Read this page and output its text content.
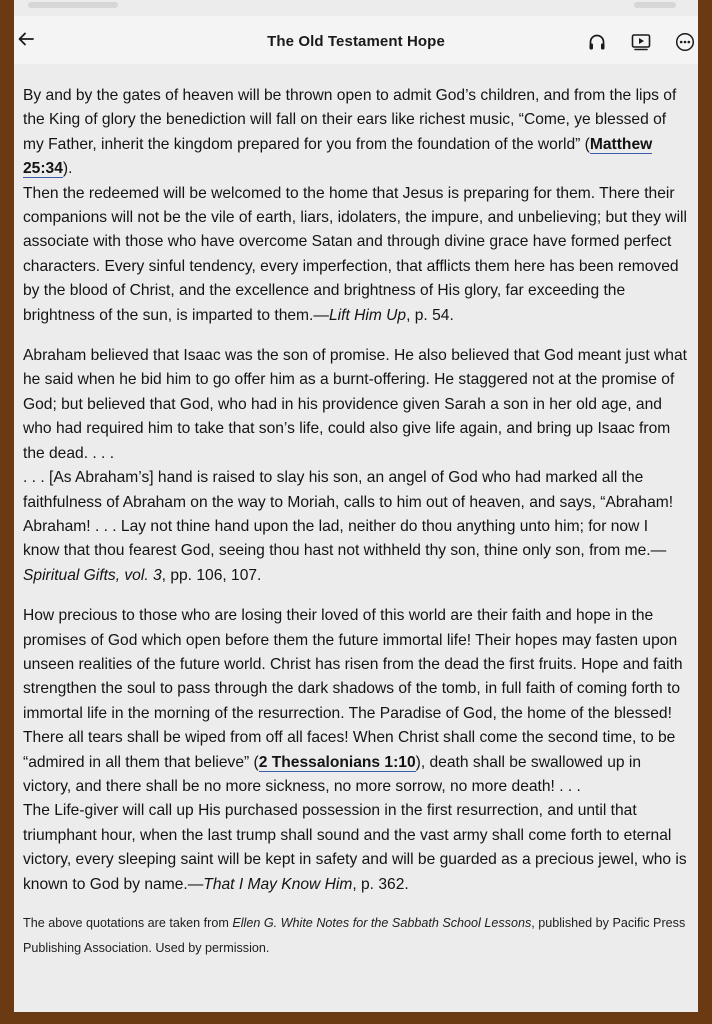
The Old Testament Hope

By and by the gates of heaven will be thrown open to admit God’s children, and from the lips of the King of glory the benediction will fall on their ears like richest music, “Come, ye blessed of my Father, inherit the kingdom prepared for you from the foundation of the world” (Matthew 25:34).

Then the redeemed will be welcomed to the home that Jesus is preparing for them. There their companions will not be the vile of earth, liars, idolaters, the impure, and unbelieving; but they will associate with those who have overcome Satan and through divine grace have formed perfect characters. Every sinful tendency, every imperfection, that afflicts them here has been removed by the blood of Christ, and the excellence and brightness of His glory, far exceeding the brightness of the sun, is imparted to them.—Lift Him Up, p. 54.

Abraham believed that Isaac was the son of promise. He also believed that God meant just what he said when he bid him to go offer him as a burnt-offering. He staggered not at the promise of God; but believed that God, who had in his providence given Sarah a son in her old age, and who had required him to take that son’s life, could also give life again, and bring up Isaac from the dead. . . .

. . . [As Abraham’s] hand is raised to slay his son, an angel of God who had marked all the faithfulness of Abraham on the way to Moriah, calls to him out of heaven, and says, “Abraham! Abraham! . . . Lay not thine hand upon the lad, neither do thou anything unto him; for now I know that thou fearest God, seeing thou hast not withheld thy son, thine only son, from me.—Spiritual Gifts, vol. 3, pp. 106, 107.

How precious to those who are losing their loved of this world are their faith and hope in the promises of God which open before them the future immortal life! Their hopes may fasten upon unseen realities of the future world. Christ has risen from the dead the first fruits. Hope and faith strengthen the soul to pass through the dark shadows of the tomb, in full faith of coming forth to immortal life in the morning of the resurrection. The Paradise of God, the home of the blessed! There all tears shall be wiped from off all faces! When Christ shall come the second time, to be “admired in all them that believe” (2 Thessalonians 1:10), death shall be swallowed up in victory, and there shall be no more sickness, no more sorrow, no more death! . . .

The Life-giver will call up His purchased possession in the first resurrection, and until that triumphant hour, when the last trump shall sound and the vast army shall come forth to eternal victory, every sleeping saint will be kept in safety and will be guarded as a precious jewel, who is known to God by name.—That I May Know Him, p. 362.

The above quotations are taken from Ellen G. White Notes for the Sabbath School Lessons, published by Pacific Press Publishing Association. Used by permission.
